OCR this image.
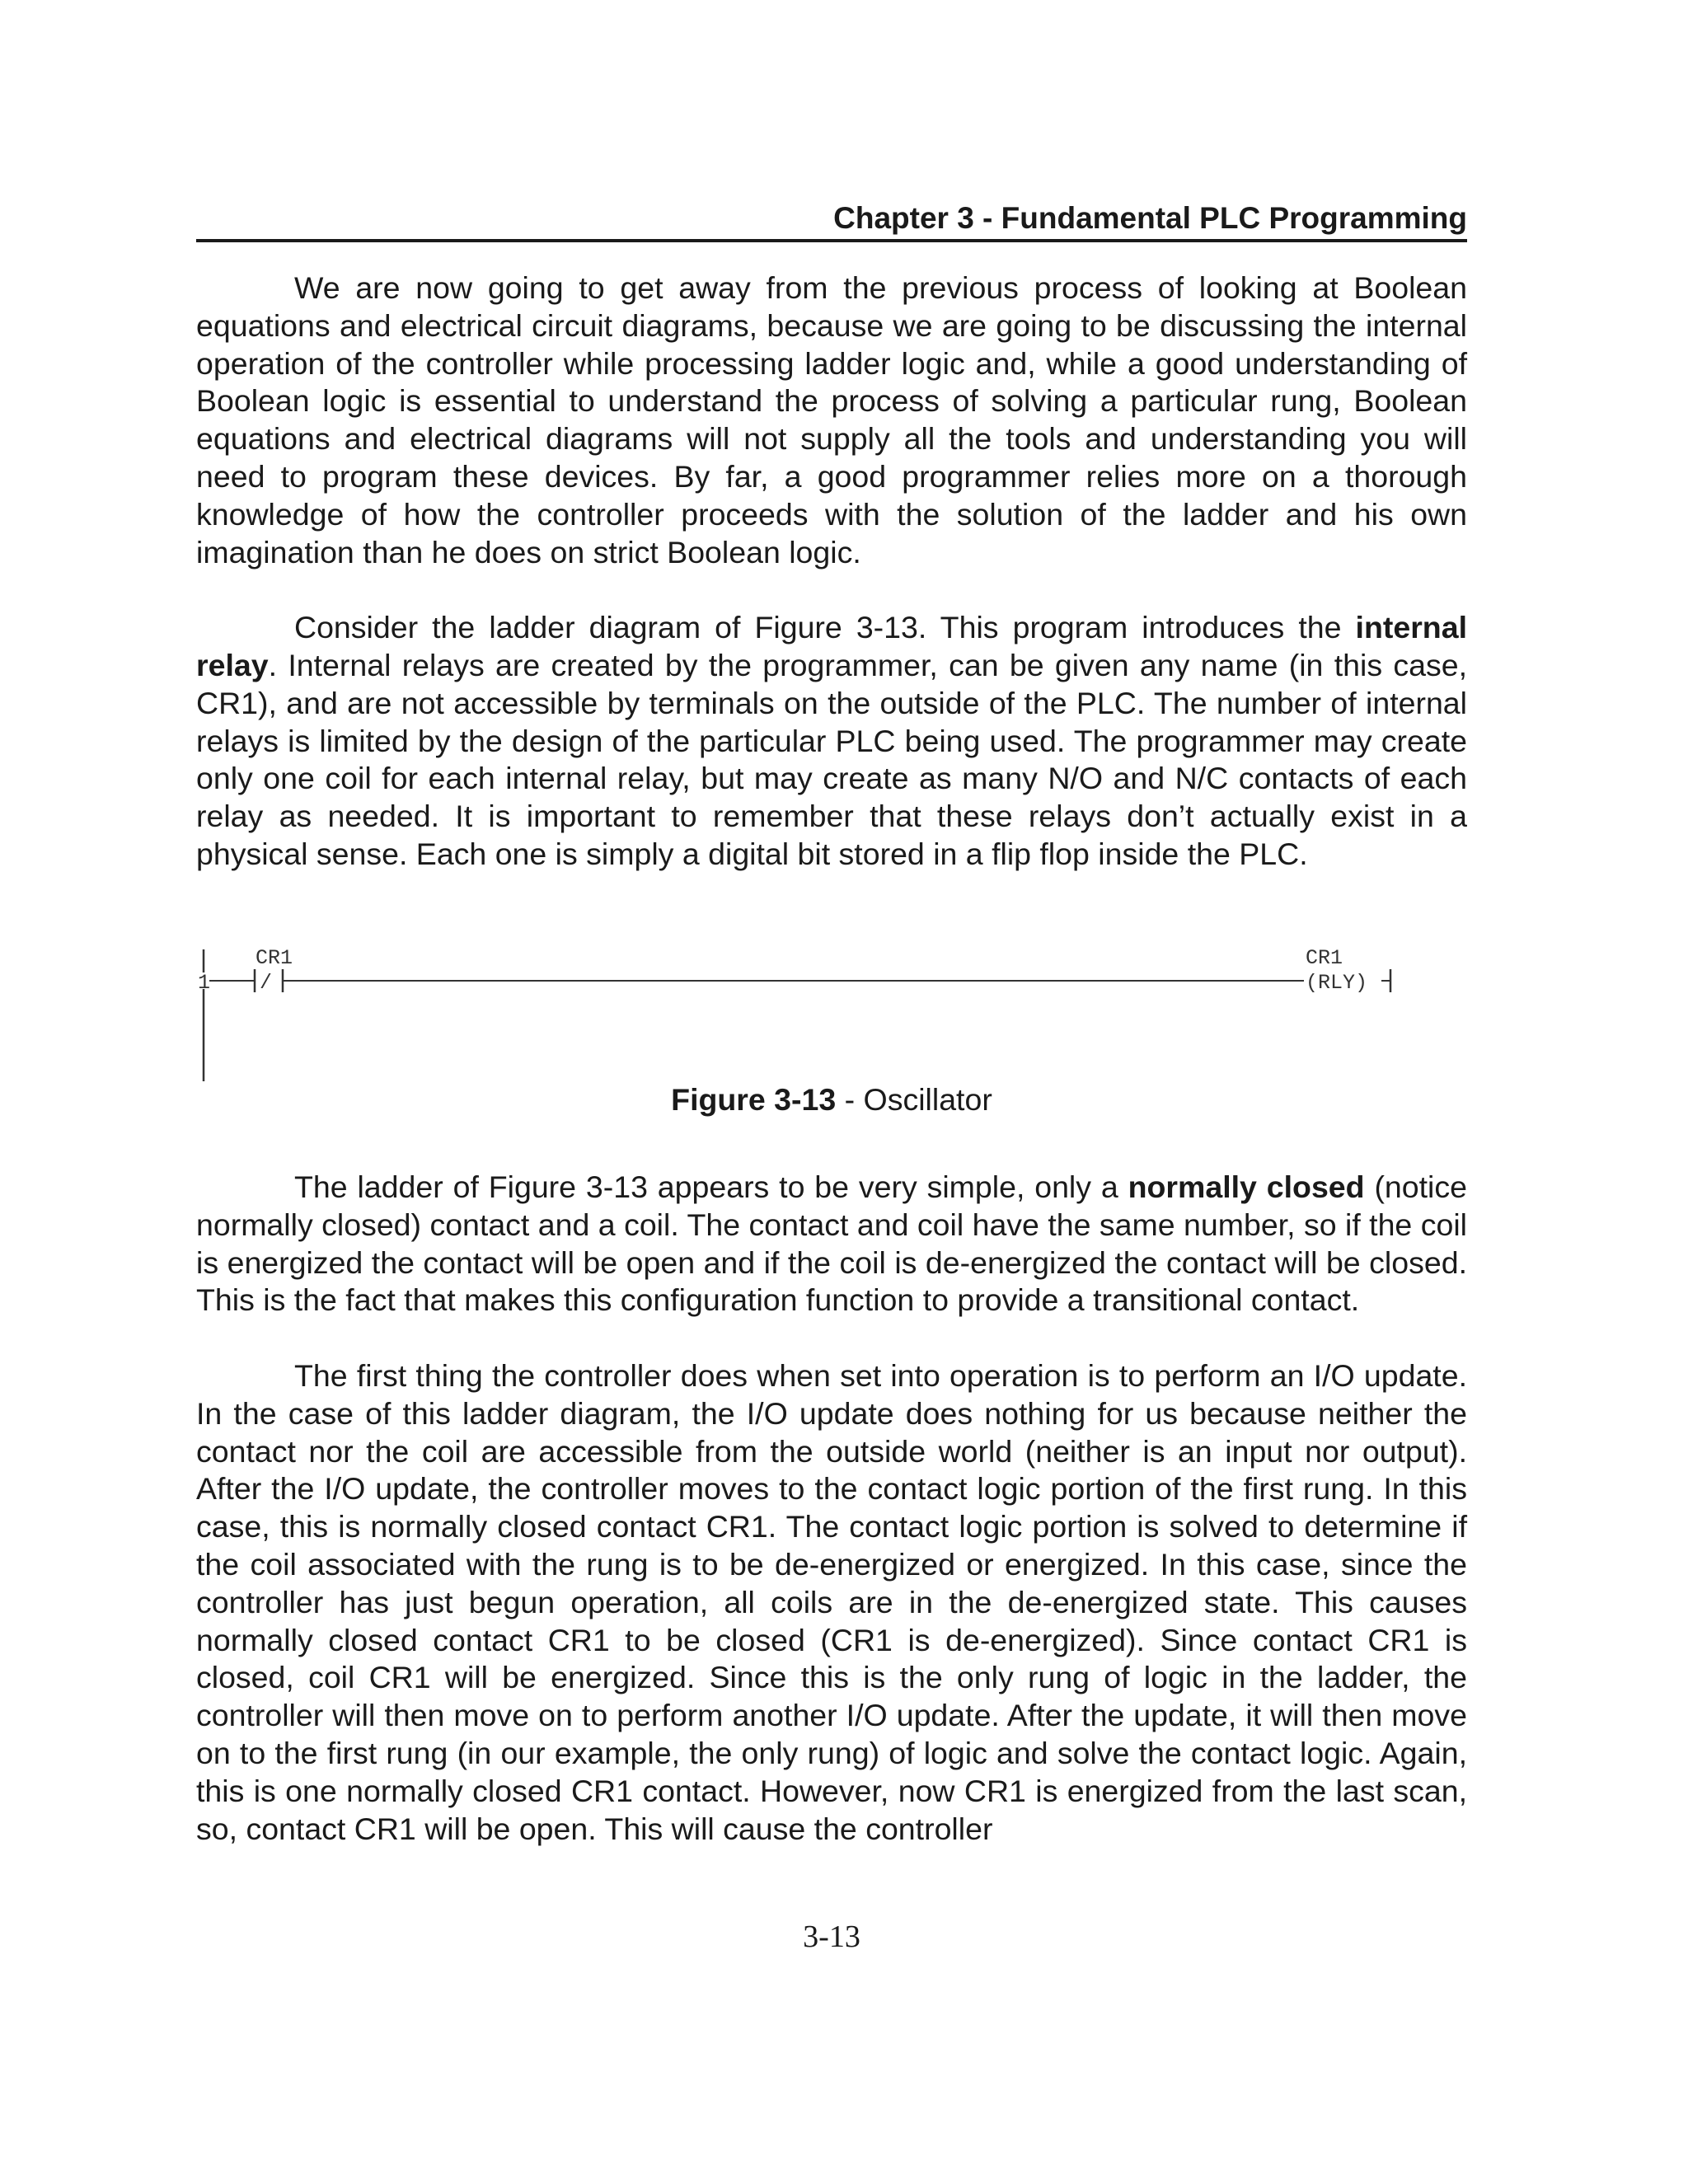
Chapter 3 - Fundamental PLC Programming

We are now going to get away from the previous process of looking at Boolean equations and electrical circuit diagrams, because we are going to be discussing the internal operation of the controller while processing ladder logic and, while a good understanding of Boolean logic is essential to understand the process of solving a particular rung, Boolean equations and electrical diagrams will not supply all the tools and understanding you will need to program these devices. By far, a good programmer relies more on a thorough knowledge of how the controller proceeds with the solution of the ladder and his own imagination than he does on strict Boolean logic.

Consider the ladder diagram of Figure 3-13. This program introduces the internal relay. Internal relays are created by the programmer, can be given any name (in this case, CR1), and are not accessible by terminals on the outside of the PLC. The number of internal relays is limited by the design of the particular PLC being used. The programmer may create only one coil for each internal relay, but may create as many N/O and N/C contacts of each relay as needed. It is important to remember that these relays don’t actually exist in a physical sense. Each one is simply a digital bit stored in a flip flop inside the PLC.

1 /
CR1	CR1
(RLY)
Figure 3-13 - Oscillator

The ladder of Figure 3-13 appears to be very simple, only a normally closed (notice normally closed) contact and a coil. The contact and coil have the same number, so if the coil is energized the contact will be open and if the coil is de-energized the contact will be closed. This is the fact that makes this configuration function to provide a transitional contact.

The first thing the controller does when set into operation is to perform an I/O update. In the case of this ladder diagram, the I/O update does nothing for us because neither the contact nor the coil are accessible from the outside world (neither is an input nor output). After the I/O update, the controller moves to the contact logic portion of the first rung. In this case, this is normally closed contact CR1. The contact logic portion is solved to determine if the coil associated with the rung is to be de-energized or energized. In this case, since the controller has just begun operation, all coils are in the de-energized state. This causes normally closed contact CR1 to be closed (CR1 is de-energized). Since contact CR1 is closed, coil CR1 will be energized. Since this is the only rung of logic in the ladder, the controller will then move on to perform another I/O update. After the update, it will then move on to the first rung (in our example, the only rung) of logic and solve the contact logic. Again, this is one normally closed CR1 contact. However, now CR1 is energized from the last scan, so, contact CR1 will be open. This will cause the controller

3-13
